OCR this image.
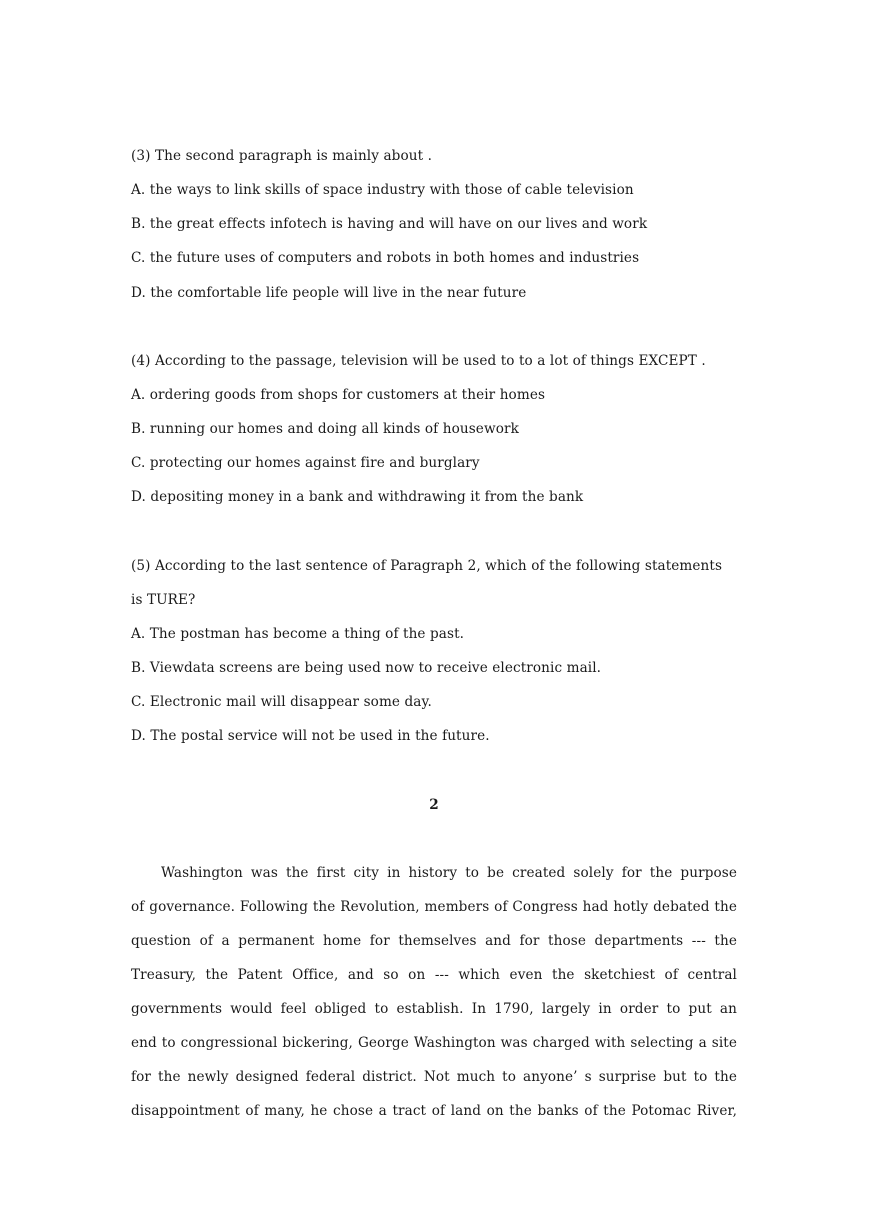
(3) The second paragraph is mainly about .
A. the ways to link skills of space industry with those of cable television
B. the great effects infotech is having and will have on our lives and work
C. the future uses of computers and robots in both homes and industries
D. the comfortable life people will live in the near future
(4) According to the passage, television will be used to to a lot of things EXCEPT .
A. ordering goods from shops for customers at their homes
B. running our homes and doing all kinds of housework
C. protecting our homes against fire and burglary
D. depositing money in a bank and withdrawing it from the bank
(5) According to the last sentence of Paragraph 2, which of the following statements
is TURE?
A. The postman has become a thing of the past.
B. Viewdata screens are being used now to receive electronic mail.
C. Electronic mail will disappear some day.
D. The postal service will not be used in the future.
2
Washington was the first city in history to be created solely for the purpose
of governance. Following the Revolution, members of Congress had hotly debated the
question of a permanent home for themselves and for those departments --- the
Treasury, the Patent Office, and so on --- which even the sketchiest of central
governments would feel obliged to establish. In 1790, largely in order to put an
end to congressional bickering, George Washington was charged with selecting a site
for the newly designed federal district. Not much to anyone’ s surprise but to the
disappointment of many, he chose a tract of land on the banks of the Potomac River,
